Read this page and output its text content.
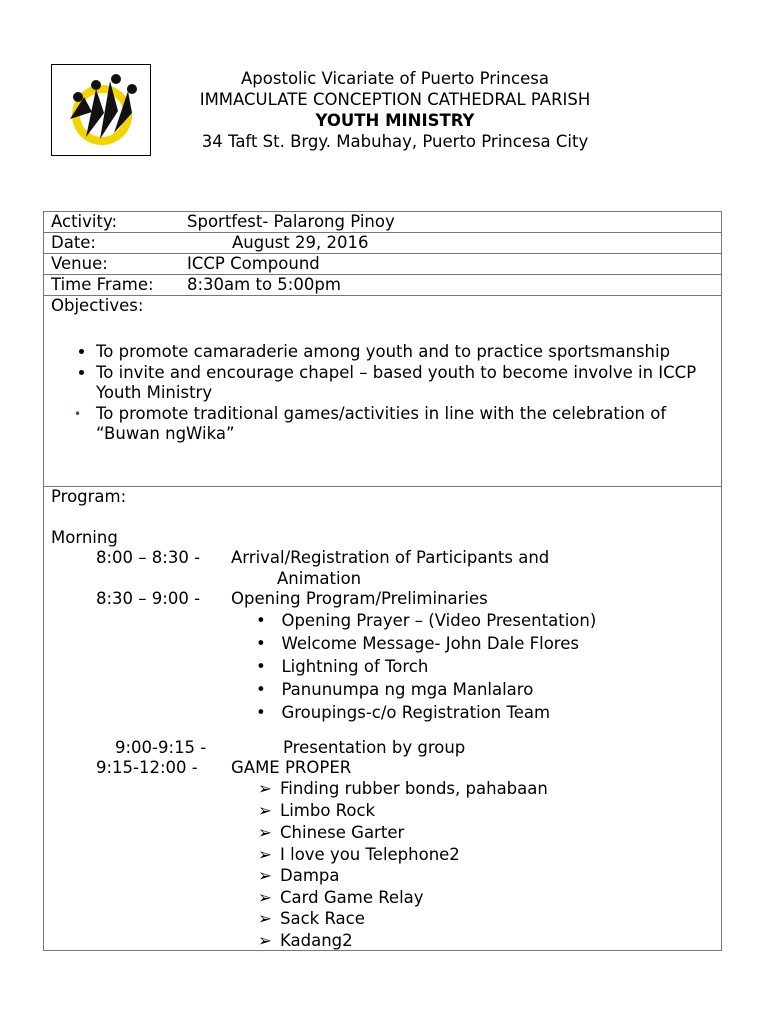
Apostolic Vicariate of Puerto Princesa
IMMACULATE CONCEPTION CATHEDRAL PARISH
YOUTH MINISTRY
34 Taft St. Brgy. Mabuhay, Puerto Princesa City
Activity:	Sportfest- Palarong Pinoy
Date:	August 29, 2016
Venue:	ICCP Compound
Time Frame: 8:30am to 5:00pm

Objectives:
• To promote camaraderie among youth and to practice sportsmanship
• To invite and encourage chapel – based youth to become involve in ICCP Youth Ministry
• To promote traditional games/activities in line with the celebration of “Buwan ngWika”

Program:
Morning
8:00 – 8:30 - Arrival/Registration of Participants and
Animation
8:30 – 9:00 - Opening Program/Preliminaries
•   Opening Prayer – (Video Presentation)
•   Welcome Message- John Dale Flores
•   Lightning of Torch
•   Panunumpa ng mga Manlalaro
•   Groupings-c/o Registration Team
9:00-9:15 -	Presentation by group
9:15-12:00 - GAME PROPER
➢ Finding rubber bonds, pahabaan
➢ Limbo Rock
➢ Chinese Garter
➢ I love you Telephone2
➢ Dampa
➢ Card Game Relay
➢ Sack Race
➢ Kadang2
